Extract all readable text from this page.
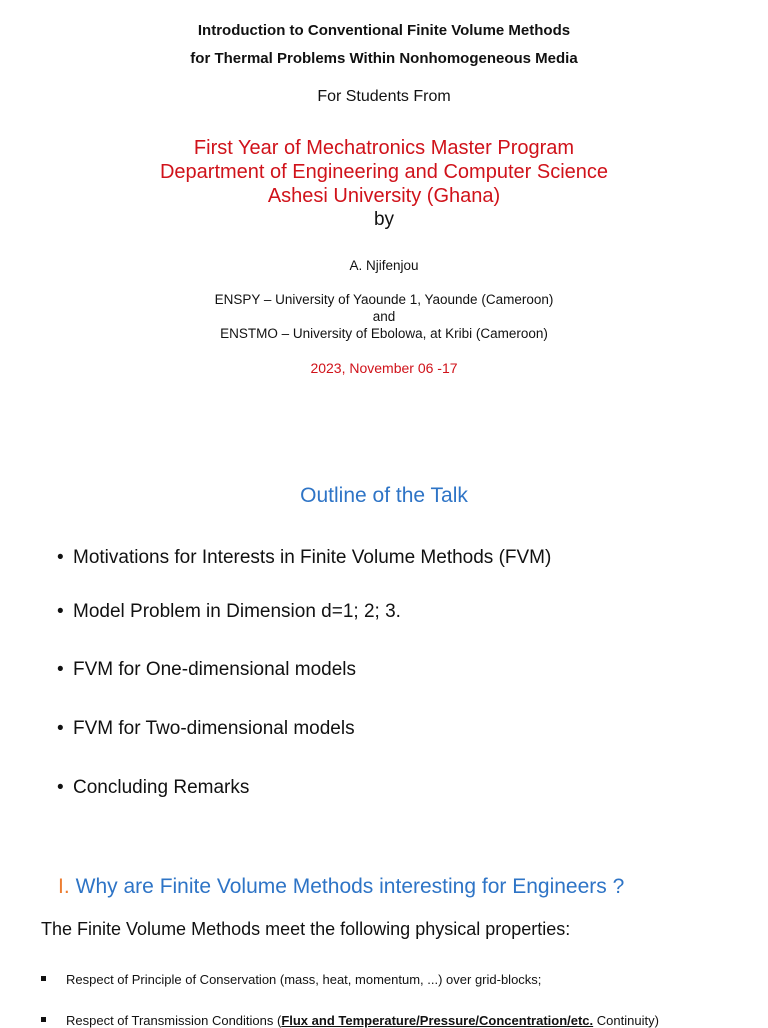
Introduction to Conventional Finite Volume Methods
for Thermal Problems Within Nonhomogeneous Media
For Students From
First Year of Mechatronics Master Program
Department of Engineering and Computer Science
Ashesi University (Ghana)
by
A. Njifenjou
ENSPY – University of Yaounde 1, Yaounde (Cameroon)
and
ENSTMO – University of Ebolowa, at Kribi (Cameroon)
2023, November 06 -17
Outline of the Talk
• Motivations for Interests in Finite Volume Methods (FVM)
• Model Problem in Dimension d=1; 2; 3.
• FVM for One-dimensional models
• FVM for Two-dimensional models
• Concluding Remarks
I. Why are Finite Volume Methods interesting for Engineers ?
The Finite Volume Methods meet the following physical properties:
Respect of Principle of Conservation (mass, heat, momentum, ...) over grid-blocks;
Respect of Transmission Conditions (Flux and Temperature/Pressure/Concentration/etc. Continuity)
